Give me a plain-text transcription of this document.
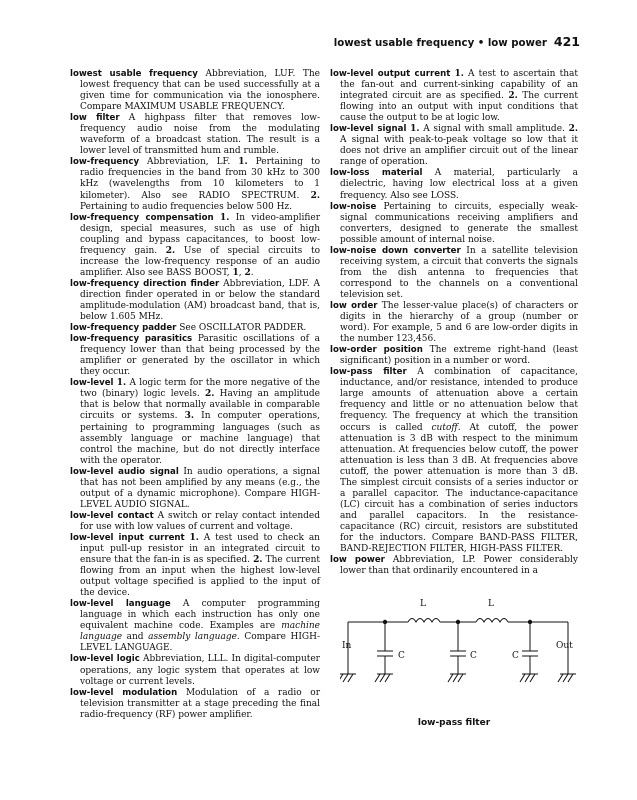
lowest usable frequency • low power 421

lowest usable frequency Abbreviation, LUF. The lowest frequency that can be used successfully at a given time for communication via the ionosphere. Compare MAXIMUM USABLE FREQUENCY.

low filter A highpass filter that removes low-frequency audio noise from the modulating waveform of a broadcast station. The result is a lower level of transmitted hum and rumble.

low-frequency Abbreviation, LF. 1. Pertaining to radio frequencies in the band from 30 kHz to 300 kHz (wavelengths from 10 kilometers to 1 kilometer). Also see RADIO SPECTRUM. 2. Pertaining to audio frequencies below 500 Hz.

low-frequency compensation 1. In video-amplifier design, special measures, such as use of high coupling and bypass capacitances, to boost low-frequency gain. 2. Use of special circuits to increase the low-frequency response of an audio amplifier. Also see BASS BOOST, 1, 2.

low-frequency direction finder Abbreviation, LDF. A direction finder operated in or below the standard amplitude-modulation (AM) broadcast band, that is, below 1.605 MHz.

low-frequency padder See OSCILLATOR PADDER.

low-frequency parasitics Parasitic oscillations of a frequency lower than that being processed by the amplifier or generated by the oscillator in which they occur.

low-level 1. A logic term for the more negative of the two (binary) logic levels. 2. Having an amplitude that is below that normally available in comparable circuits or systems. 3. In computer operations, pertaining to programming languages (such as assembly language or machine language) that control the machine, but do not directly interface with the operator.

low-level audio signal In audio operations, a signal that has not been amplified by any means (e.g., the output of a dynamic microphone). Compare HIGH-LEVEL AUDIO SIGNAL.

low-level contact A switch or relay contact intended for use with low values of current and voltage.

low-level input current 1. A test used to check an input pull-up resistor in an integrated circuit to ensure that the fan-in is as specified. 2. The current flowing from an input when the highest low-level output voltage specified is applied to the input of the device.

low-level language A computer programming language in which each instruction has only one equivalent machine code. Examples are machine language and assembly language. Compare HIGH-LEVEL LANGUAGE.

low-level logic Abbreviation, LLL. In digital-computer operations, any logic system that operates at low voltage or current levels.

low-level modulation Modulation of a radio or television transmitter at a stage preceding the final radio-frequency (RF) power amplifier.

low-level output current 1. A test to ascertain that the fan-out and current-sinking capability of an integrated circuit are as specified. 2. The current flowing into an output with input conditions that cause the output to be at logic low.

low-level signal 1. A signal with small amplitude. 2. A signal with peak-to-peak voltage so low that it does not drive an amplifier circuit out of the linear range of operation.

low-loss material A material, particularly a dielectric, having low electrical loss at a given frequency. Also see LOSS.

low-noise Pertaining to circuits, especially weak-signal communications receiving amplifiers and converters, designed to generate the smallest possible amount of internal noise.

low-noise down converter In a satellite television receiving system, a circuit that converts the signals from the dish antenna to frequencies that correspond to the channels on a conventional television set.

low order The lesser-value place(s) of characters or digits in the hierarchy of a group (number or word). For example, 5 and 6 are low-order digits in the number 123,456.

low-order position The extreme right-hand (least significant) position in a number or word.

low-pass filter A combination of capacitance, inductance, and/or resistance, intended to produce large amounts of attenuation above a certain frequency and little or no attenuation below that frequency. The frequency at which the transition occurs is called cutoff. At cutoff, the power attenuation is 3 dB with respect to the minimum attenuation. At frequencies below cutoff, the power attenuation is less than 3 dB. At frequencies above cutoff, the power attenuation is more than 3 dB. The simplest circuit consists of a series inductor or a parallel capacitor. The inductance-capacitance (LC) circuit has a combination of series inductors and parallel capacitors. In the resistance-capacitance (RC) circuit, resistors are substituted for the inductors. Compare BAND-PASS FILTER, BAND-REJECTION FILTER, HIGH-PASS FILTER.

low power Abbreviation, LP. Power considerably lower than that ordinarily encountered in a

L	L
C	C	C
In	Out
low-pass filter
